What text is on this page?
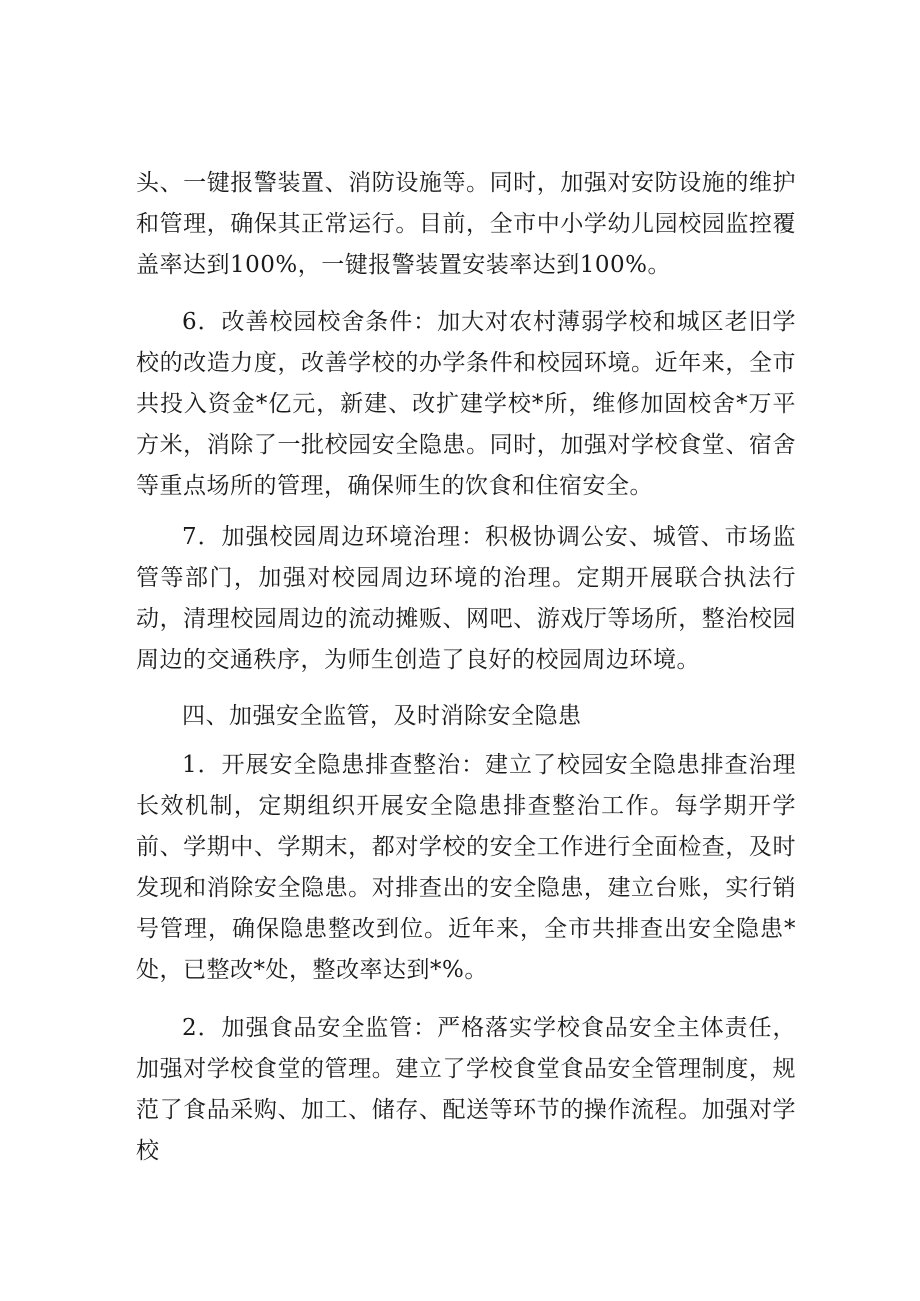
头、一键报警装置、消防设施等。同时，加强对安防设施的维护和管理，确保其正常运行。目前，全市中小学幼儿园校园监控覆盖率达到100%，一键报警装置安装率达到100%。

6．改善校园校舍条件：加大对农村薄弱学校和城区老旧学校的改造力度，改善学校的办学条件和校园环境。近年来，全市共投入资金*亿元，新建、改扩建学校*所，维修加固校舍*万平方米，消除了一批校园安全隐患。同时，加强对学校食堂、宿舍等重点场所的管理，确保师生的饮食和住宿安全。

7．加强校园周边环境治理：积极协调公安、城管、市场监管等部门，加强对校园周边环境的治理。定期开展联合执法行动，清理校园周边的流动摊贩、网吧、游戏厅等场所，整治校园周边的交通秩序，为师生创造了良好的校园周边环境。

四、加强安全监管，及时消除安全隐患

1．开展安全隐患排查整治：建立了校园安全隐患排查治理长效机制，定期组织开展安全隐患排查整治工作。每学期开学前、学期中、学期末，都对学校的安全工作进行全面检查，及时发现和消除安全隐患。对排查出的安全隐患，建立台账，实行销号管理，确保隐患整改到位。近年来，全市共排查出安全隐患*处，已整改*处，整改率达到*%。

2．加强食品安全监管：严格落实学校食品安全主体责任，加强对学校食堂的管理。建立了学校食堂食品安全管理制度，规范了食品采购、加工、储存、配送等环节的操作流程。加强对学校
